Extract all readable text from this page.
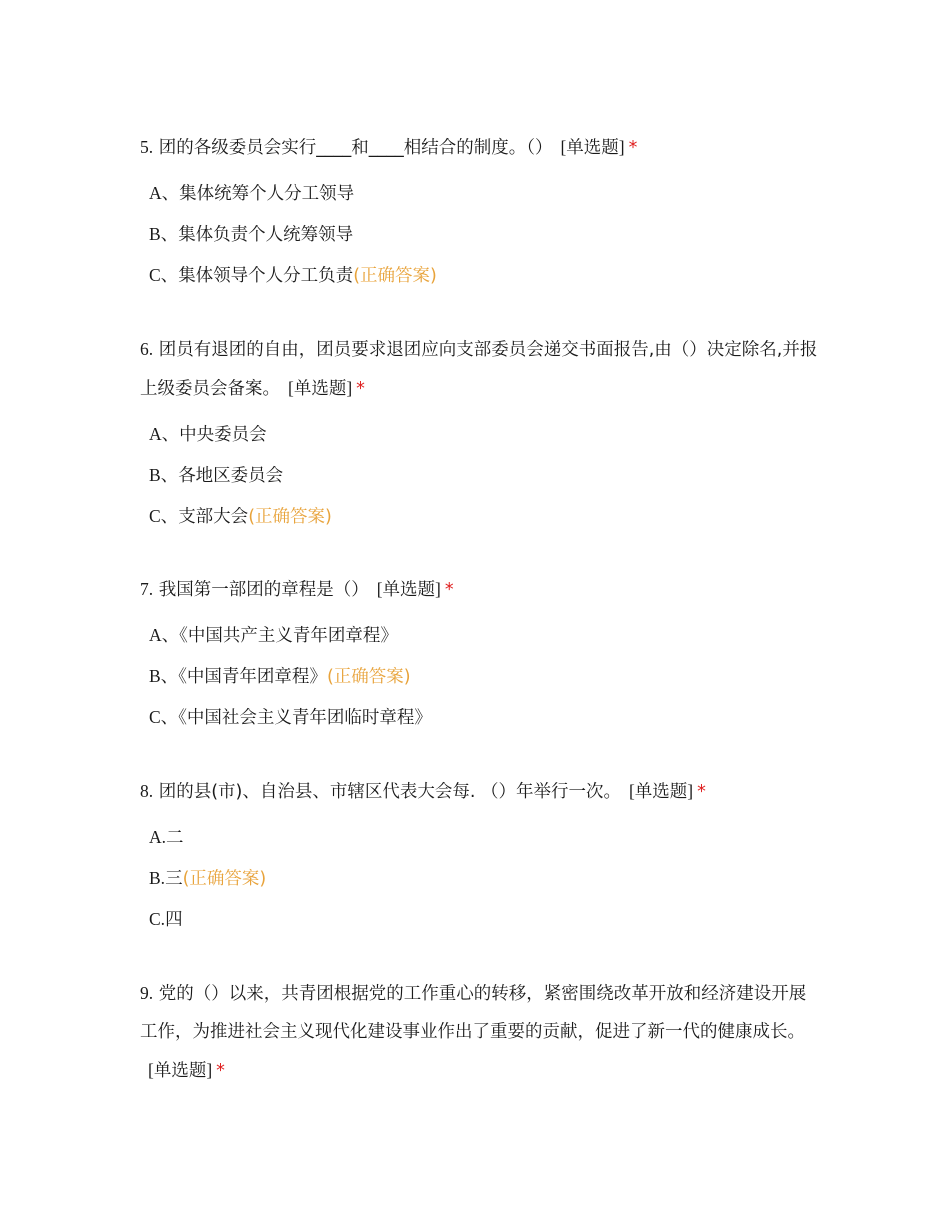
5. 团的各级委员会实行____和____相结合的制度。（） [单选题] *

A、集体统筹个人分工领导
B、集体负责个人统筹领导
C、集体领导个人分工负责(正确答案)

6. 团员有退团的自由，团员要求退团应向支部委员会递交书面报告,由（）决定除名,并报上级委员会备案。 [单选题] *

A、中央委员会
B、各地区委员会
C、支部大会(正确答案)

7. 我国第一部团的章程是（） [单选题] *

A、《中国共产主义青年团章程》
B、《中国青年团章程》(正确答案)
C、《中国社会主义青年团临时章程》

8. 团的县(市)、自治县、市辖区代表大会每. （）年举行一次。 [单选题] *

A.二
B.三(正确答案)
C.四

9. 党的（）以来，共青团根据党的工作重心的转移，紧密围绕改革开放和经济建设开展工作，为推进社会主义现代化建设事业作出了重要的贡献，促进了新一代的健康成长。[单选题] *
